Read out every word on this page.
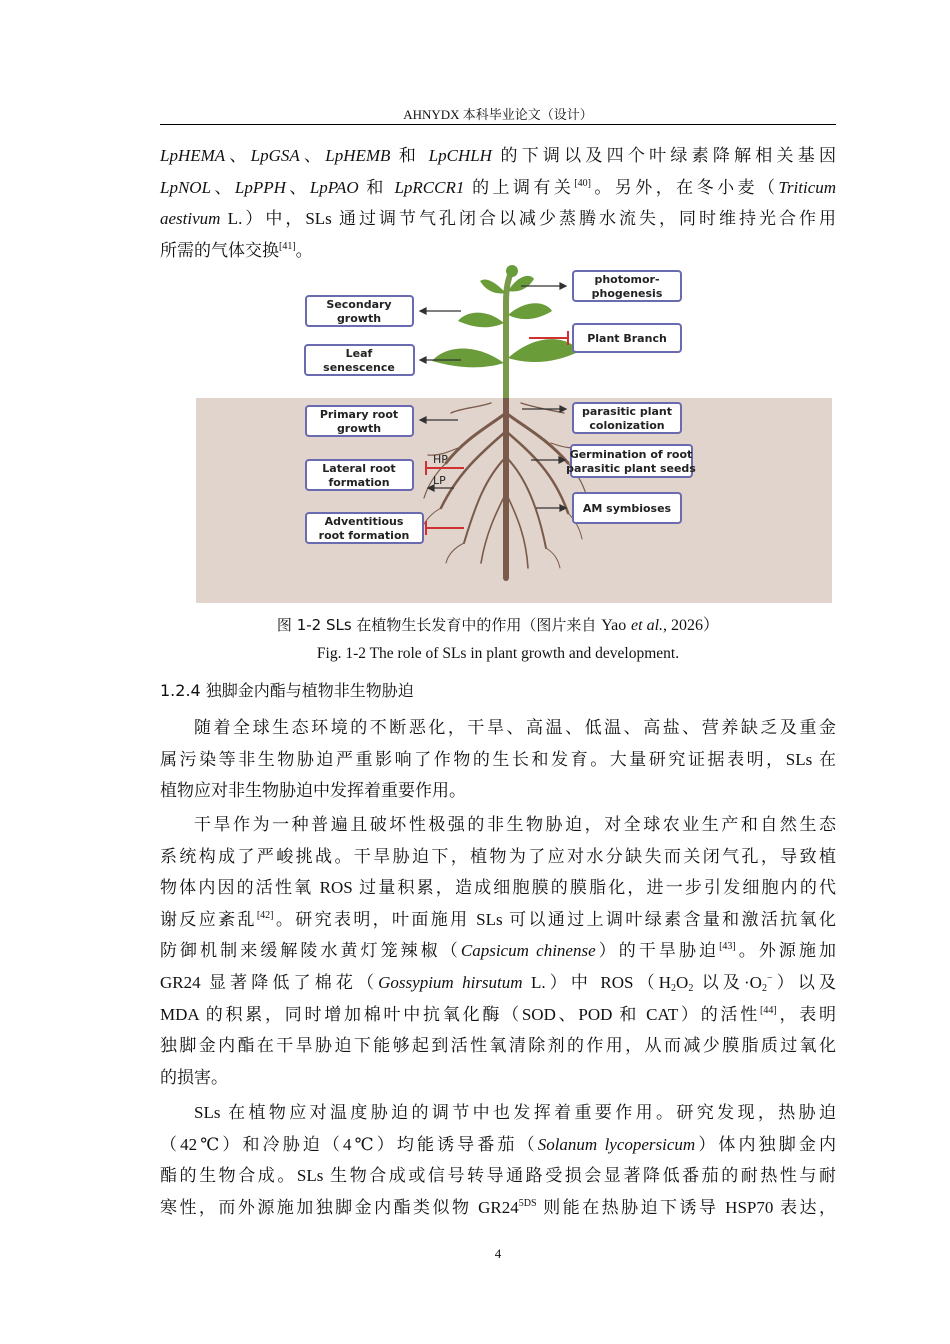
AHNYDX 本科毕业论文（设计）
LpHEMA、LpGSA、LpHEMB 和 LpCHLH 的下调以及四个叶绿素降解相关基因
LpNOL、LpPPH、LpPAO 和 LpRCCR1 的上调有关[40]。另外，在冬小麦（Triticum
aestivum L.）中，SLs 通过调节气孔闭合以减少蒸腾水流失，同时维持光合作用
所需的气体交换[41]。
Secondary
growth
Leaf
senescence
Primary root
growth
Lateral root
formation
Adventitious
root formation
photomor-
phogenesis
Plant Branch
parasitic plant
colonization
Germination of root
parasitic plant seeds
AM symbioses
HP
LP
图 1-2 SLs 在植物生长发育中的作用（图片来自 Yao et al., 2026）
Fig. 1-2 The role of SLs in plant growth and development.
1.2.4 独脚金内酯与植物非生物胁迫
随着全球生态环境的不断恶化，干旱、高温、低温、高盐、营养缺乏及重金
属污染等非生物胁迫严重影响了作物的生长和发育。大量研究证据表明，SLs 在
植物应对非生物胁迫中发挥着重要作用。
干旱作为一种普遍且破坏性极强的非生物胁迫，对全球农业生产和自然生态
系统构成了严峻挑战。干旱胁迫下，植物为了应对水分缺失而关闭气孔，导致植
物体内因的活性氧 ROS 过量积累，造成细胞膜的膜脂化，进一步引发细胞内的代
谢反应紊乱[42]。研究表明，叶面施用 SLs 可以通过上调叶绿素含量和激活抗氧化
防御机制来缓解陵水黄灯笼辣椒（Capsicum chinense）的干旱胁迫[43]。外源施加
GR24 显著降低了棉花（Gossypium hirsutum L.）中 $ROS(H_2O_2$ 以及$\cdot O_2^-$）以及
MDA 的积累，同时增加棉叶中抗氧化酶（SOD、POD 和 CAT）的活性[44]，表明
独脚金内酯在干旱胁迫下能够起到活性氧清除剂的作用，从而减少膜脂质过氧化
的损害。
SLs 在植物应对温度胁迫的调节中也发挥着重要作用。研究发现，热胁迫
（42℃）和冷胁迫（4℃）均能诱导番茄（Solanum lycopersicum）体内独脚金内
酯的生物合成。SLs 生物合成或信号转导通路受损会显著降低番茄的耐热性与耐
寒性，而外源施加独脚金内酯类似物 $GR24^{5DS}$ 则能在热胁迫下诱导 HSP70 表达，
4
